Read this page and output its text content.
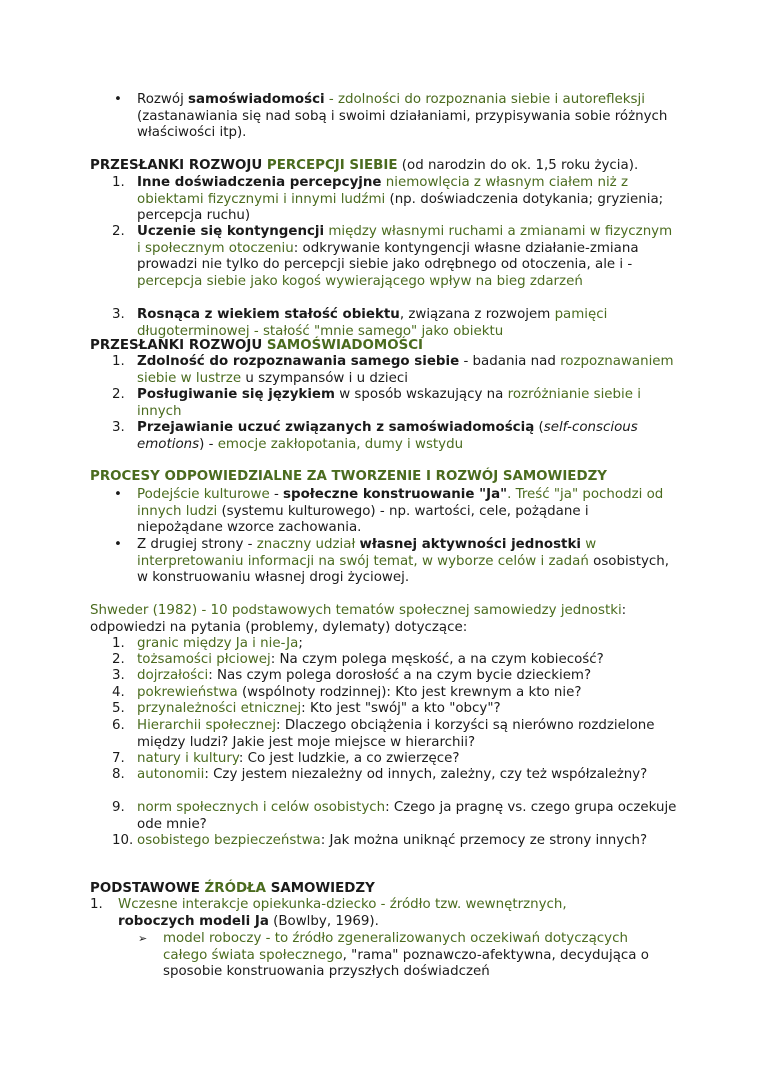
• Rozwój samoświadomości - zdolności do rozpoznania siebie i autorefleksji (zastanawiania się nad sobą i swoimi działaniami, przypisywania sobie różnych właściwości itp).
PRZESŁANKI ROZWOJU PERCEPCJI SIEBIE (od narodzin do ok. 1,5 roku życia).
1. Inne doświadczenia percepcyjne niemowlęcia z własnym ciałem niż z obiektami fizycznymi i innymi ludźmi (np. doświadczenia dotykania; gryzienia; percepcja ruchu)
2. Uczenie się kontyngencji między własnymi ruchami a zmianami w fizycznym i społecznym otoczeniu: odkrywanie kontyngencji własne działanie-zmiana prowadzi nie tylko do percepcji siebie jako odrębnego od otoczenia, ale i - percepcja siebie jako kogoś wywierającego wpływ na bieg zdarzeń
3. Rosnąca z wiekiem stałość obiektu, związana z rozwojem pamięci długoterminowej - stałość "mnie samego" jako obiektu
PRZESŁANKI ROZWOJU SAMOŚWIADOMOŚCI
1. Zdolność do rozpoznawania samego siebie - badania nad rozpoznawaniem siebie w lustrze u szympansów i u dzieci
2. Posługiwanie się językiem w sposób wskazujący na rozróżnianie siebie i innych
3. Przejawianie uczuć związanych z samoświadomością (self-conscious emotions) - emocje zakłopotania, dumy i wstydu
PROCESY ODPOWIEDZIALNE ZA TWORZENIE I ROZWÓJ SAMOWIEDZY
• Podejście kulturowe - społeczne konstruowanie "Ja". Treść "ja" pochodzi od innych ludzi (systemu kulturowego) - np. wartości, cele, pożądane i niepożądane wzorce zachowania.
• Z drugiej strony - znaczny udział własnej aktywności jednostki w interpretowaniu informacji na swój temat, w wyborze celów i zadań osobistych, w konstruowaniu własnej drogi życiowej.
Shweder (1982) - 10 podstawowych tematów społecznej samowiedzy jednostki: odpowiedzi na pytania (problemy, dylematy) dotyczące:
1. granic między Ja i nie-Ja;
2. tożsamości płciowej: Na czym polega męskość, a na czym kobiecość?
3. dojrzałości: Nas czym polega dorosłość a na czym bycie dzieckiem?
4. pokrewieństwa (wspólnoty rodzinnej): Kto jest krewnym a kto nie?
5. przynależności etnicznej: Kto jest "swój" a kto "obcy"?
6. Hierarchii społecznej: Dlaczego obciążenia i korzyści są nierówno rozdzielone między ludzi? Jakie jest moje miejsce w hierarchii?
7. natury i kultury: Co jest ludzkie, a co zwierzęce?
8. autonomii: Czy jestem niezależny od innych, zależny, czy też współzależny?
9. norm społecznych i celów osobistych: Czego ja pragnę vs. czego grupa oczekuje ode mnie?
10. osobistego bezpieczeństwa: Jak można uniknąć przemocy ze strony innych?
PODSTAWOWE ŹRÓDŁA SAMOWIEDZY
1. Wczesne interakcje opiekunka-dziecko - źródło tzw. wewnętrznych,
roboczych modeli Ja (Bowlby, 1969).
➢ model roboczy - to źródło zgeneralizowanych oczekiwań dotyczących całego świata społecznego, "rama" poznawczo-afektywna, decydująca o sposobie konstruowania przyszłych doświadczeń
